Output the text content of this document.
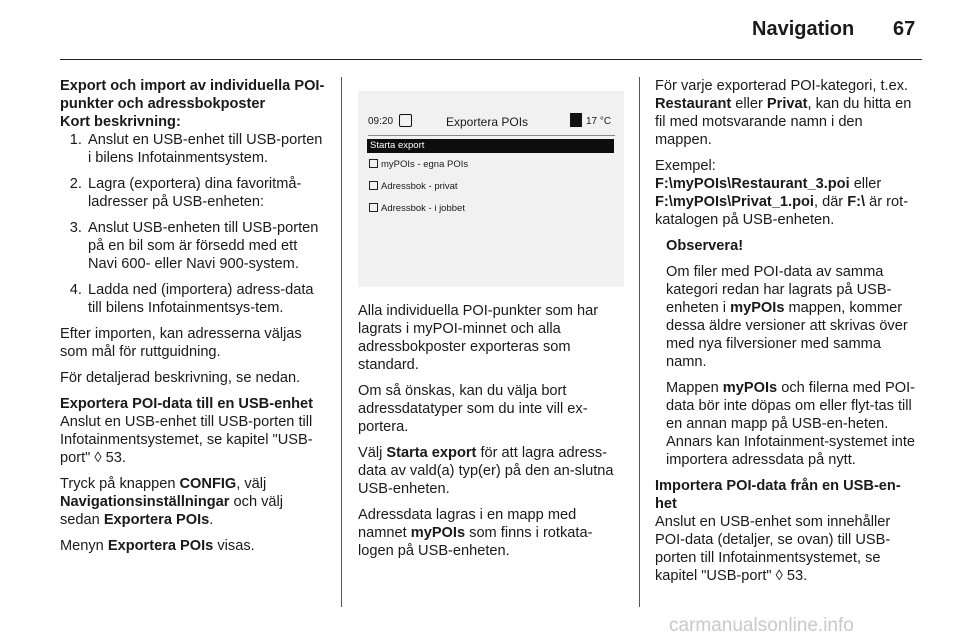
Navigation 67

Export och import av individuella POI-punkter och adressbokposter

Kort beskrivning:

1. Anslut en USB-enhet till USB-porten i bilens Infotainmentsystem.
2. Lagra (exportera) dina favoritmå-ladresser på USB-enheten:
3. Anslut USB-enheten till USB-porten på en bil som är försedd med ett Navi 600- eller Navi 900-system.
4. Ladda ned (importera) adress-data till bilens Infotainmentsys-tem.

Efter importen, kan adresserna väljas som mål för ruttguidning.

För detaljerad beskrivning, se nedan.

Exportera POI-data till en USB-enhet

Anslut en USB-enhet till USB-porten till Infotainmentsystemet, se kapitel "USB-port" ◊ 53.

Tryck på knappen CONFIG, välj Navigationsinställningar och välj sedan Exportera POIs.

Menyn Exportera POIs visas.

09:20	Exportera POIs	17 °C
Starta export
myPOIs - egna POIs
Adressbok - privat
Adressbok - i jobbet

Alla individuella POI-punkter som har lagrats i myPOI-minnet och alla adressbokposter exporteras som standard.

Om så önskas, kan du välja bort adressdatatyper som du inte vill ex-portera.

Välj Starta export för att lagra adress-data av vald(a) typ(er) på den an-slutna USB-enheten.

Adressdata lagras i en mapp med namnet myPOIs som finns i rotkata-logen på USB-enheten.

För varje exporterad POI-kategori, t.ex. Restaurant eller Privat, kan du hitta en fil med motsvarande namn i den mappen.

Exempel:

F:\myPOIs\Restaurant_3.poi eller F:\myPOIs\Privat_1.poi, där F:\ är rot-katalogen på USB-enheten.

Observera!

Om filer med POI-data av samma kategori redan har lagrats på USB-enheten i myPOIs mappen, kommer dessa äldre versioner att skrivas över med nya filversioner med samma namn.

Mappen myPOIs och filerna med POI-data bör inte döpas om eller flyt-tas till en annan mapp på USB-en-heten. Annars kan Infotainment-systemet inte importera adressdata på nytt.

Importera POI-data från en USB-en-het

Anslut en USB-enhet som innehåller POI-data (detaljer, se ovan) till USB-porten till Infotainmentsystemet, se kapitel "USB-port" ◊ 53.

carmanualsonline.info
